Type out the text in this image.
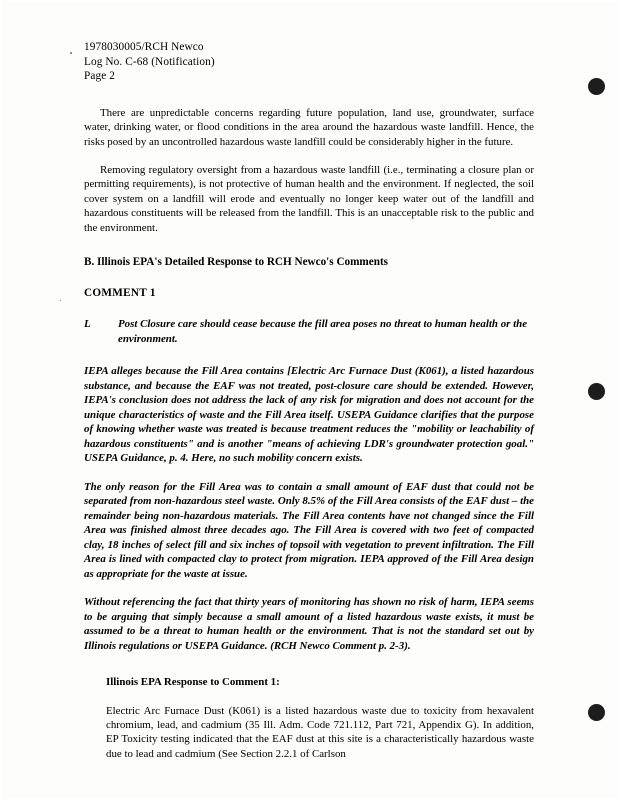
1978030005/RCH Newco
Log No. C-68 (Notification)
Page 2

There are unpredictable concerns regarding future population, land use, groundwater, surface water, drinking water, or flood conditions in the area around the hazardous waste landfill. Hence, the risks posed by an uncontrolled hazardous waste landfill could be considerably higher in the future.

Removing regulatory oversight from a hazardous waste landfill (i.e., terminating a closure plan or permitting requirements), is not protective of human health and the environment. If neglected, the soil cover system on a landfill will erode and eventually no longer keep water out of the landfill and hazardous constituents will be released from the landfill. This is an unacceptable risk to the public and the environment.

B. Illinois EPA's Detailed Response to RCH Newco's Comments
COMMENT 1
L	Post Closure care should cease because the fill area poses no threat to human health or the environment.

IEPA alleges because the Fill Area contains [Electric Arc Furnace Dust (K061), a listed hazardous substance, and because the EAF was not treated, post-closure care should be extended. However, IEPA's conclusion does not address the lack of any risk for migration and does not account for the unique characteristics of waste and the Fill Area itself. USEPA Guidance clarifies that the purpose of knowing whether waste was treated is because treatment reduces the "mobility or leachability of hazardous constituents" and is another "means of achieving LDR's groundwater protection goal." USEPA Guidance, p. 4. Here, no such mobility concern exists.

The only reason for the Fill Area was to contain a small amount of EAF dust that could not be separated from non-hazardous steel waste. Only 8.5% of the Fill Area consists of the EAF dust – the remainder being non-hazardous materials. The Fill Area contents have not changed since the Fill Area was finished almost three decades ago. The Fill Area is covered with two feet of compacted clay, 18 inches of select fill and six inches of topsoil with vegetation to prevent infiltration. The Fill Area is lined with compacted clay to protect from migration. IEPA approved of the Fill Area design as appropriate for the waste at issue.

Without referencing the fact that thirty years of monitoring has shown no risk of harm, IEPA seems to be arguing that simply because a small amount of a listed hazardous waste exists, it must be assumed to be a threat to human health or the environment. That is not the standard set out by Illinois regulations or USEPA Guidance. (RCH Newco Comment p. 2-3).

Illinois EPA Response to Comment 1:

Electric Arc Furnace Dust (K061) is a listed hazardous waste due to toxicity from hexavalent chromium, lead, and cadmium (35 Ill. Adm. Code 721.112, Part 721, Appendix G). In addition, EP Toxicity testing indicated that the EAF dust at this site is a characteristically hazardous waste due to lead and cadmium (See Section 2.2.1 of Carlson
